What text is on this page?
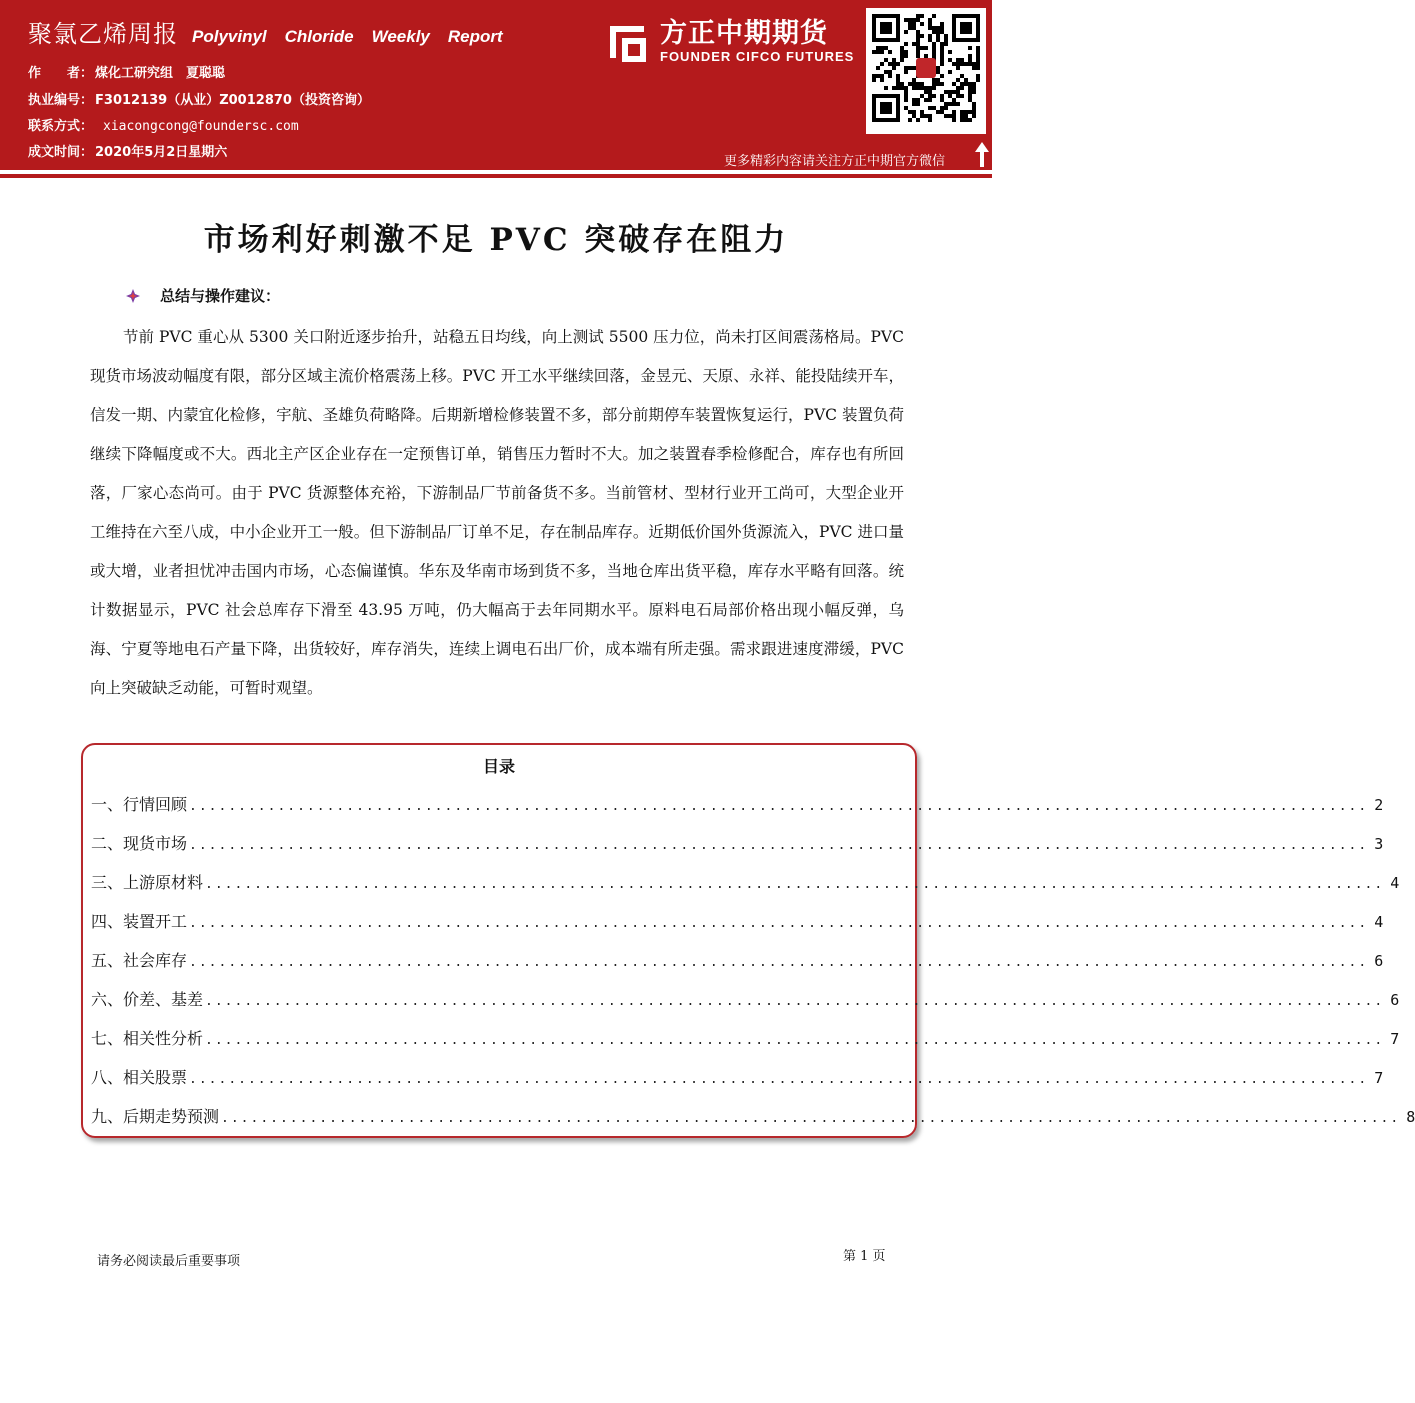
聚氯乙烯周报 Polyvinyl Chloride Weekly Report
作　　者： 煤化工研究组　夏聪聪
执业编号： F3012139（从业）Z0012870（投资咨询）
联系方式： xiacongcong@foundersc.com
成文时间： 2020年5月2日星期六
方正中期期货
FOUNDER CIFCO FUTURES
更多精彩内容请关注方正中期官方微信
市场利好刺激不足 PVC 突破存在阻力
总结与操作建议：

节前 PVC 重心从 5300 关口附近逐步抬升，站稳五日均线，向上测试 5500 压力位，尚未打区间震荡格局。PVC 现货市场波动幅度有限，部分区域主流价格震荡上移。PVC 开工水平继续回落，金昱元、天原、永祥、能投陆续开车，信发一期、内蒙宜化检修，宇航、圣雄负荷略降。后期新增检修装置不多，部分前期停车装置恢复运行，PVC 装置负荷继续下降幅度或不大。西北主产区企业存在一定预售订单，销售压力暂时不大。加之装置春季检修配合，库存也有所回落，厂家心态尚可。由于 PVC 货源整体充裕，下游制品厂节前备货不多。当前管材、型材行业开工尚可，大型企业开工维持在六至八成，中小企业开工一般。但下游制品厂订单不足，存在制品库存。近期低价国外货源流入，PVC 进口量或大增，业者担忧冲击国内市场，心态偏谨慎。华东及华南市场到货不多，当地仓库出货平稳，库存水平略有回落。统计数据显示，PVC 社会总库存下滑至 43.95 万吨，仍大幅高于去年同期水平。原料电石局部价格出现小幅反弹，乌海、宁夏等地电石产量下降，出货较好，库存消失，连续上调电石出厂价，成本端有所走强。需求跟进速度滞缓，PVC 向上突破缺乏动能，可暂时观望。

目录
一、行情回顾 ........................................................................................................................ 2
二、现货市场 ........................................................................................................................ 3
三、上游原材料 ........................................................................................................................ 4
四、装置开工 ........................................................................................................................ 4
五、社会库存 ........................................................................................................................ 6
六、价差、基差 ........................................................................................................................ 6
七、相关性分析 ........................................................................................................................ 7
八、相关股票 ........................................................................................................................ 7
九、后期走势预测 ........................................................................................................................ 8
请务必阅读最后重要事项	第 1 页
